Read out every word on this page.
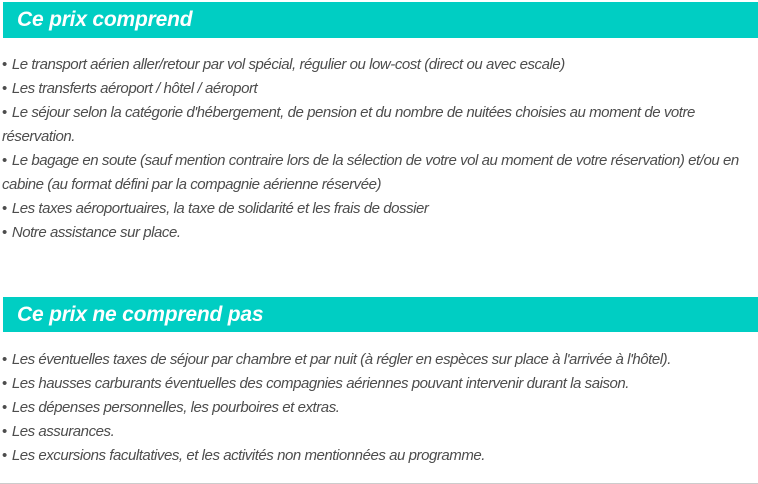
Ce prix comprend

• Le transport aérien aller/retour par vol spécial, régulier ou low-cost (direct ou avec escale)

• Les transferts aéroport / hôtel / aéroport

• Le séjour selon la catégorie d'hébergement, de pension et du nombre de nuitées choisies au moment de votre réservation.

• Le bagage en soute (sauf mention contraire lors de la sélection de votre vol au moment de votre réservation) et/ou en cabine (au format défini par la compagnie aérienne réservée)

• Les taxes aéroportuaires, la taxe de solidarité et les frais de dossier

• Notre assistance sur place.

Ce prix ne comprend pas

• Les éventuelles taxes de séjour par chambre et par nuit (à régler en espèces sur place à l'arrivée à l'hôtel).

• Les hausses carburants éventuelles des compagnies aériennes pouvant intervenir durant la saison.

• Les dépenses personnelles, les pourboires et extras.

• Les assurances.

• Les excursions facultatives, et les activités non mentionnées au programme.
